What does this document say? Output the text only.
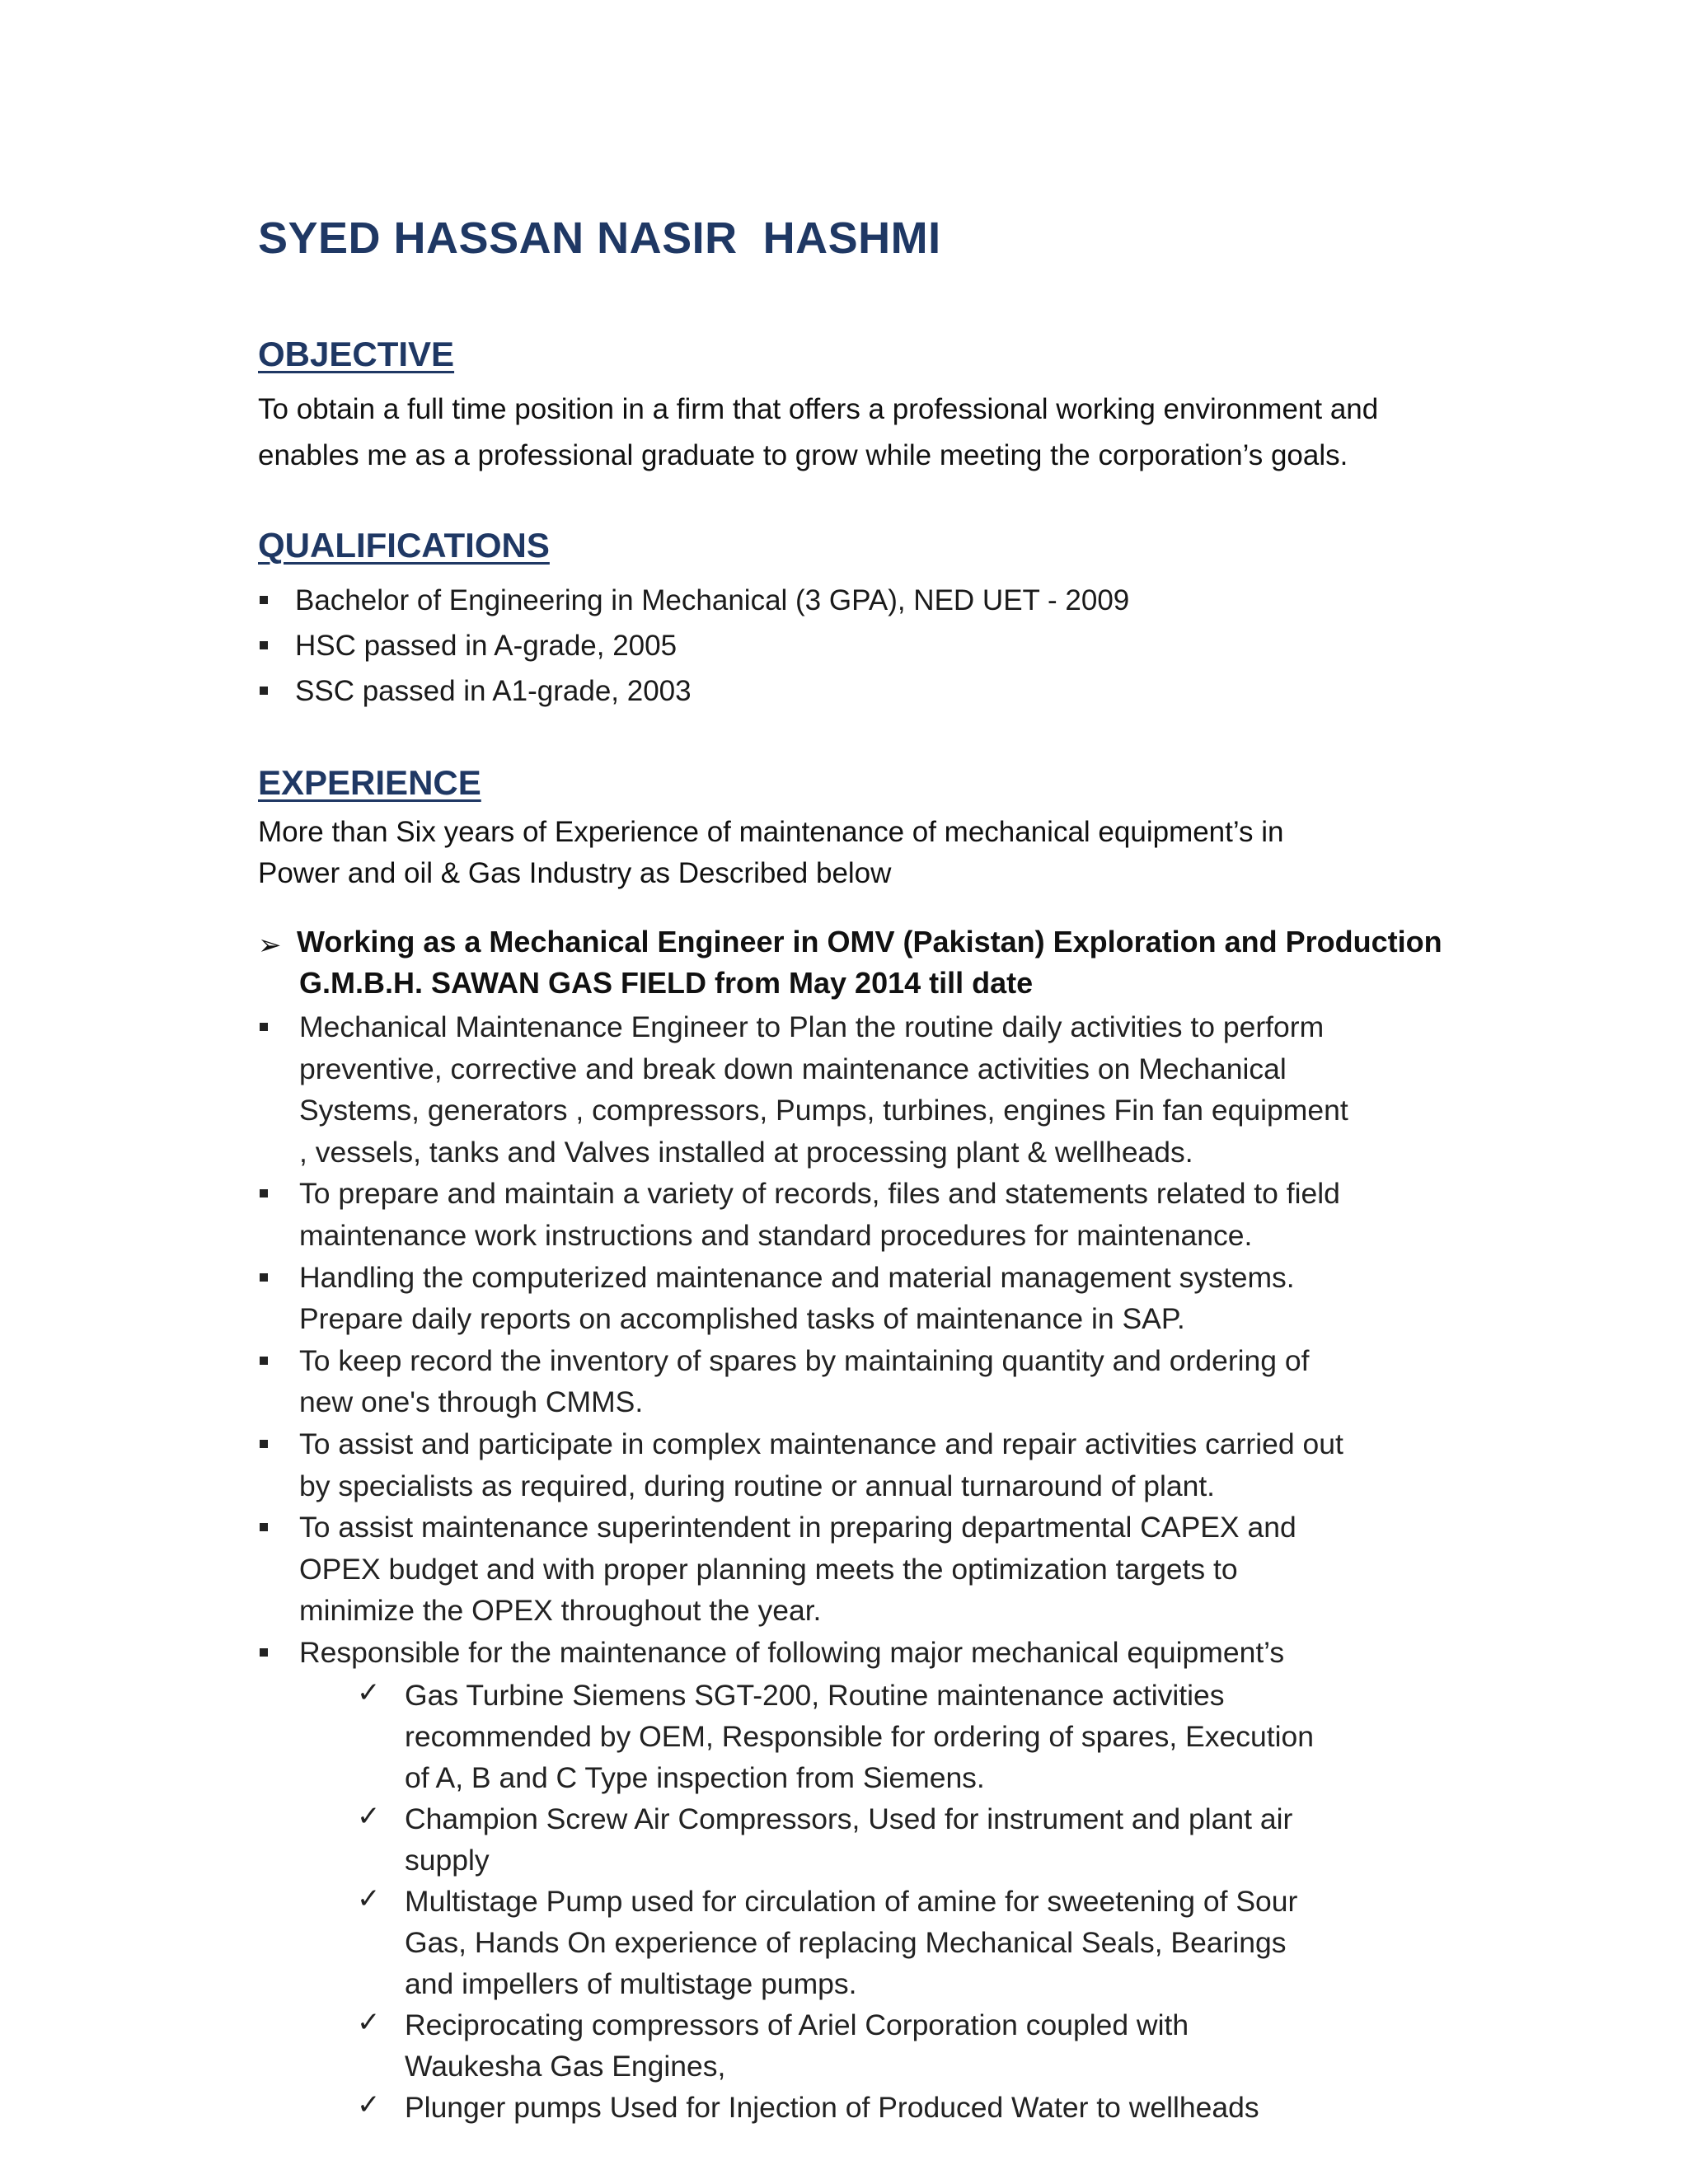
SYED HASSAN NASIR  HASHMI
OBJECTIVE
To obtain a full time position in a firm that offers a professional working environment and
enables me as a professional graduate to grow while meeting the corporation’s goals.
QUALIFICATIONS
Bachelor of Engineering in Mechanical (3 GPA), NED UET - 2009
HSC passed in A-grade, 2005
SSC passed in A1-grade, 2003
EXPERIENCE
More than Six years of Experience of maintenance of mechanical equipment’s in
Power and oil & Gas Industry as Described below
➢ Working as a Mechanical Engineer in OMV (Pakistan) Exploration and Production
G.M.B.H. SAWAN GAS FIELD from May 2014 till date
Mechanical Maintenance Engineer to Plan the routine daily activities to perform
preventive, corrective and break down maintenance activities on Mechanical
Systems, generators , compressors, Pumps, turbines, engines Fin fan equipment
, vessels, tanks and Valves installed at processing plant & wellheads.
To prepare and maintain a variety of records, files and statements related to field
maintenance work instructions and standard procedures for maintenance.
Handling the computerized maintenance and material management systems.
Prepare daily reports on accomplished tasks of maintenance in SAP.
To keep record the inventory of spares by maintaining quantity and ordering of
new one's through CMMS.
To assist and participate in complex maintenance and repair activities carried out
by specialists as required, during routine or annual turnaround of plant.
To assist maintenance superintendent in preparing departmental CAPEX and
OPEX budget and with proper planning meets the optimization targets to
minimize the OPEX throughout the year.
Responsible for the maintenance of following major mechanical equipment’s
✓ Gas Turbine Siemens SGT-200, Routine maintenance activities
recommended by OEM, Responsible for ordering of spares, Execution
of A, B and C Type inspection from Siemens.
✓ Champion Screw Air Compressors, Used for instrument and plant air
supply
✓ Multistage Pump used for circulation of amine for sweetening of Sour
Gas, Hands On experience of replacing Mechanical Seals, Bearings
and impellers of multistage pumps.
✓ Reciprocating compressors of Ariel Corporation coupled with
Waukesha Gas Engines,
✓ Plunger pumps Used for Injection of Produced Water to wellheads
